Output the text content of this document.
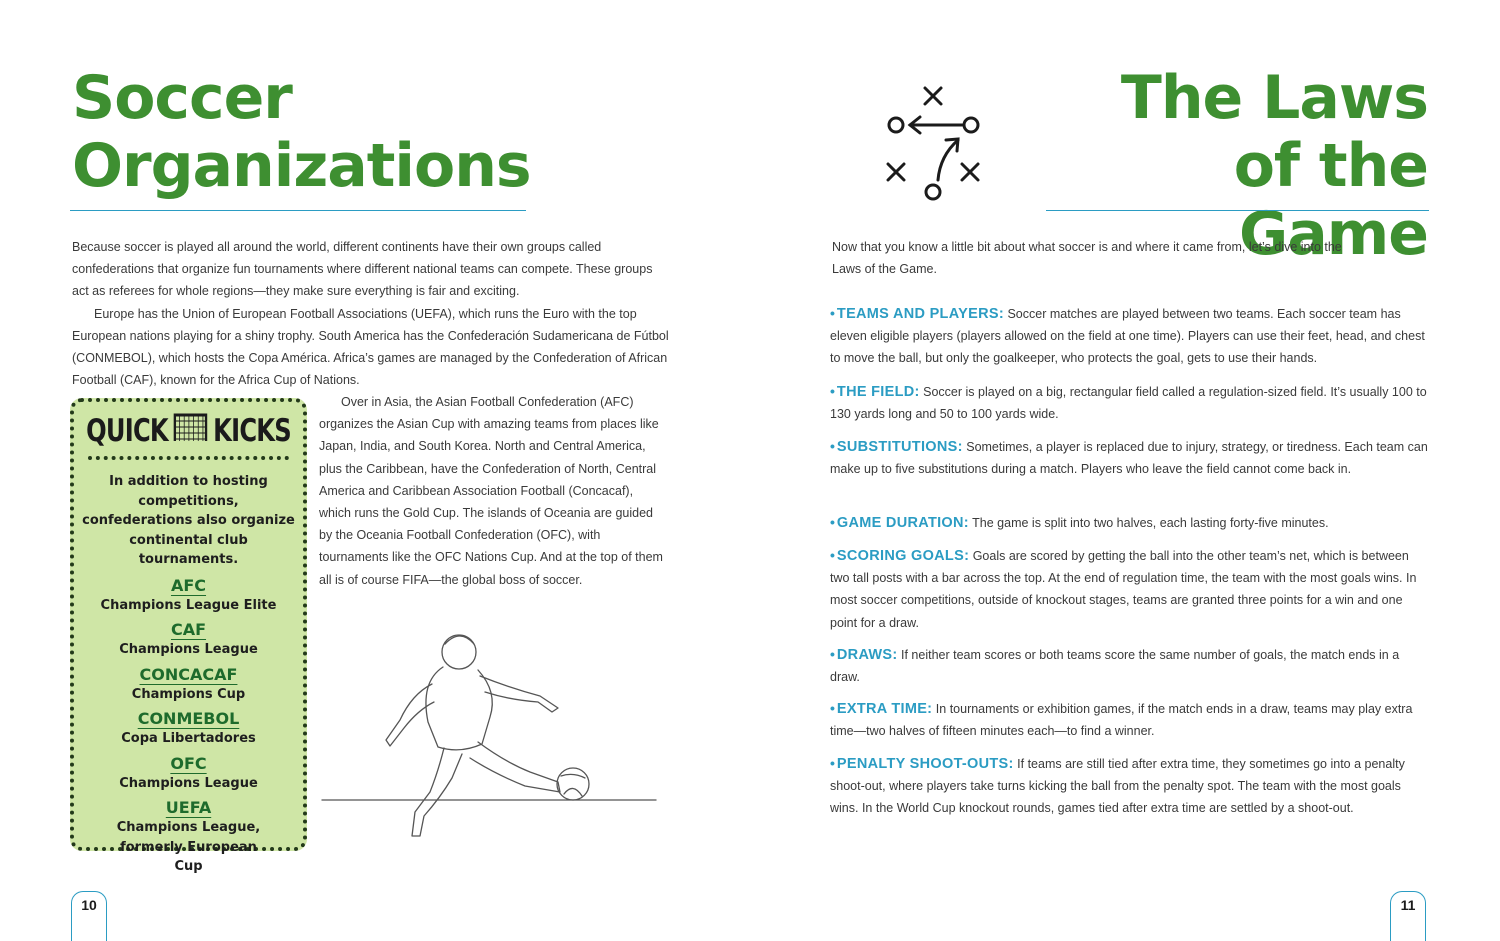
Soccer
Organizations

Because soccer is played all around the world, different continents have their own groups called confederations that organize fun tournaments where different national teams can compete. These groups act as referees for whole regions—they make sure everything is fair and exciting.

Europe has the Union of European Football Associations (UEFA), which runs the Euro with the top European nations playing for a shiny trophy. South America has the Confederación Sudamericana de Fútbol (CONMEBOL), which hosts the Copa América. Africa’s games are managed by the Confederation of African Football (CAF), known for the Africa Cup of Nations.

Over in Asia, the Asian Football Confederation (AFC) organizes the Asian Cup with amazing teams from places like Japan, India, and South Korea. North and Central America, plus the Caribbean, have the Confederation of North, Central America and Caribbean Association Football (Concacaf), which runs the Gold Cup. The islands of Oceania are guided by the Oceania Football Confederation (OFC), with tournaments like the OFC Nations Cup. And at the top of them all is of course FIFA—the global boss of soccer.
QUICK KICKS
In addition to hosting competitions, confederations also organize continental club tournaments.
AFC
Champions League Elite
CAF
Champions League
CONCACAF
Champions Cup
CONMEBOL
Copa Libertadores
OFC
Champions League
UEFA
Champions League, formerly European Cup
10
The Laws
of the Game
Now that you know a little bit about what soccer is and where it came from, let’s dive into the Laws of the Game.
• TEAMS AND PLAYERS: Soccer matches are played between two teams. Each soccer team has eleven eligible players (players allowed on the field at one time). Players can use their feet, head, and chest to move the ball, but only the goalkeeper, who protects the goal, gets to use their hands.
• THE FIELD: Soccer is played on a big, rectangular field called a regulation-sized field. It’s usually 100 to 130 yards long and 50 to 100 yards wide.
• SUBSTITUTIONS: Sometimes, a player is replaced due to injury, strategy, or tiredness. Each team can make up to five substitutions during a match. Players who leave the field cannot come back in.
• GAME DURATION: The game is split into two halves, each lasting forty-five minutes.
• SCORING GOALS: Goals are scored by getting the ball into the other team’s net, which is between two tall posts with a bar across the top. At the end of regulation time, the team with the most goals wins. In most soccer competitions, outside of knockout stages, teams are granted three points for a win and one point for a draw.
• DRAWS: If neither team scores or both teams score the same number of goals, the match ends in a draw.
• EXTRA TIME: In tournaments or exhibition games, if the match ends in a draw, teams may play extra time—two halves of fifteen minutes each—to find a winner.
• PENALTY SHOOT-OUTS: If teams are still tied after extra time, they sometimes go into a penalty shoot-out, where players take turns kicking the ball from the penalty spot. The team with the most goals wins. In the World Cup knockout rounds, games tied after extra time are settled by a shoot-out.
11
